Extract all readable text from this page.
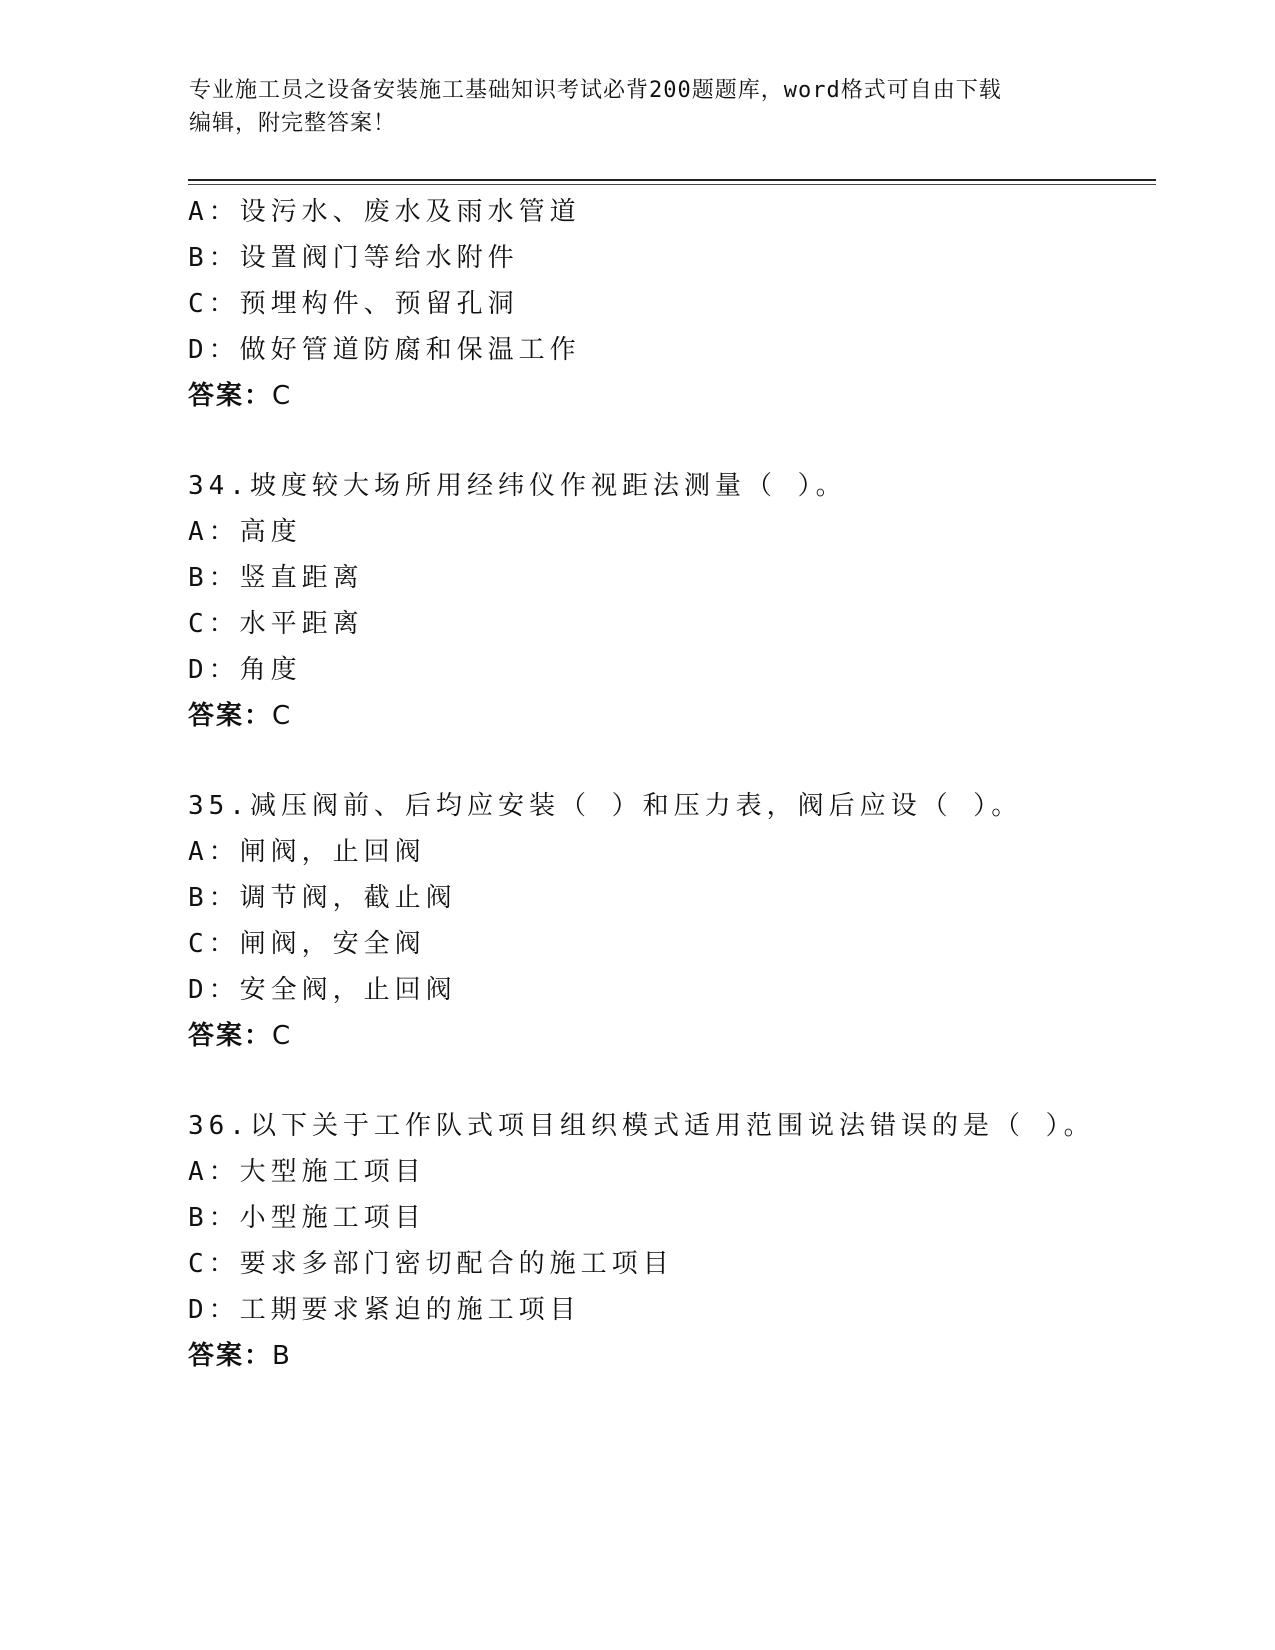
专业施工员之设备安装施工基础知识考试必背200题题库，word格式可自由下载
编辑，附完整答案！
A：设污水、废水及雨水管道
B：设置阀门等给水附件
C：预埋构件、预留孔洞
D：做好管道防腐和保温工作
答案：C
34.坡度较大场所用经纬仪作视距法测量（ ）。
A：高度
B：竖直距离
C：水平距离
D：角度
答案：C
35.减压阀前、后均应安装（ ）和压力表，阀后应设（ ）。
A：闸阀，止回阀
B：调节阀，截止阀
C：闸阀，安全阀
D：安全阀，止回阀
答案：C
36.以下关于工作队式项目组织模式适用范围说法错误的是（ ）。
A：大型施工项目
B：小型施工项目
C：要求多部门密切配合的施工项目
D：工期要求紧迫的施工项目
答案：B
